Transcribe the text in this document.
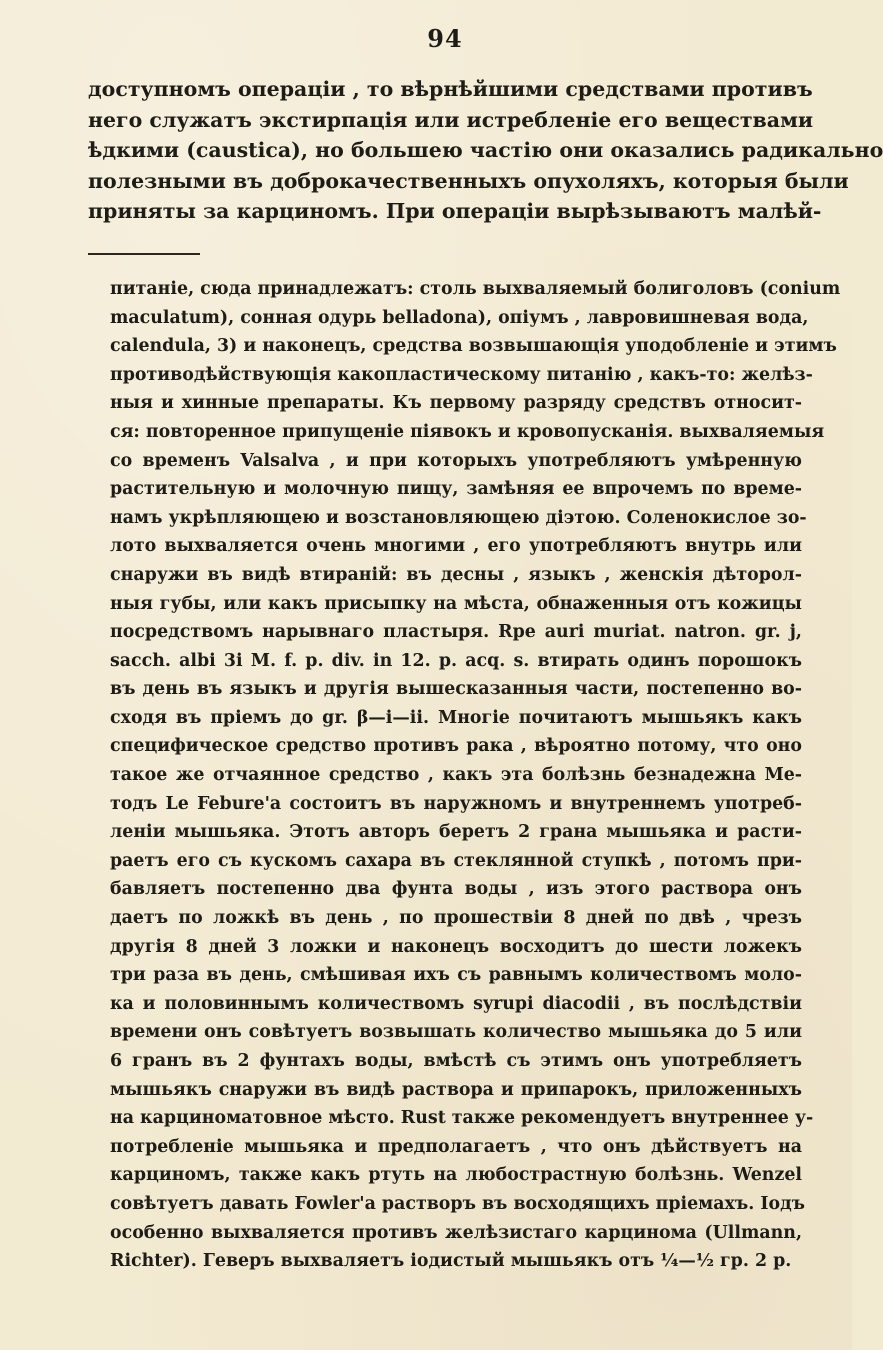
94
доступномъ операціи , то вѣрнѣйшими средствами противъ
него служатъ экстирпація или истребленіе его веществами
ѣдкими (caustica), но большею частію они оказались радикально
полезными въ доброкачественныхъ опухоляхъ, которыя были
приняты за карциномъ. При операціи вырѣзываютъ малѣй-
питаніе, сюда принадлежатъ: столь выхваляемый болиголовъ (conium
maculatum), сонная одурь belladona), опіумъ , лавровишневая вода,
calendula, 3) и наконецъ, средства возвышающія уподобленіе и этимъ
противодѣйствующія какопластическому питанію , какъ-то: желѣз-
ныя и хинные препараты. Къ первому разряду средствъ относит-
ся: повторенное припущеніе піявокъ и кровопусканія. выхваляемыя
со временъ Valsalva , и при которыхъ употребляютъ умѣренную
растительную и молочную пищу, замѣняя ее впрочемъ по време-
намъ укрѣпляющею и возстановляющею діэтою. Соленокислое зо-
лото выхваляется очень многими , его употребляютъ внутрь или
снаружи въ видѣ втираній: въ десны , языкъ , женскія дѣторол-
ныя губы, или какъ присыпку на мѣста, обнаженныя отъ кожицы
посредствомъ нарывнаго пластыря. Rpe auri muriat. natron. gr. j,
sacch. albi 3i M. f. p. div. in 12. p. acq. s. втирать одинъ порошокъ
въ день въ языкъ и другія вышесказанныя части, постепенно во-
сходя въ пріемъ до gr. β—i—ii. Многіе почитаютъ мышьякъ какъ
специфическое средство противъ рака , вѣроятно потому, что оно
такое же отчаянное средство , какъ эта болѣзнь безнадежна Ме-
тодъ Le Febure'a состоитъ въ наружномъ и внутреннемъ употреб-
леніи мышьяка. Этотъ авторъ беретъ 2 грана мышьяка и расти-
раетъ его съ кускомъ сахара въ стеклянной ступкѣ , потомъ при-
бавляетъ постепенно два фунта воды , изъ этого раствора онъ
даетъ по ложкѣ въ день , по прошествіи 8 дней по двѣ , чрезъ
другія 8 дней 3 ложки и наконецъ восходитъ до шести ложекъ
три раза въ день, смѣшивая ихъ съ равнымъ количествомъ моло-
ка и половиннымъ количествомъ syrupi diacodii , въ послѣдствіи
времени онъ совѣтуетъ возвышать количество мышьяка до 5 или
6 гранъ въ 2 фунтахъ воды, вмѣстѣ съ этимъ онъ употребляетъ
мышьякъ снаружи въ видѣ раствора и припарокъ, приложенныхъ
на карциноматовное мѣсто. Rust также рекомендуетъ внутреннее у-
потребленіе мышьяка и предполагаетъ , что онъ дѣйствуетъ на
карциномъ, также какъ ртуть на любострастную болѣзнь. Wenzel
совѣтуетъ давать Fowler'a растворъ въ восходящихъ пріемахъ. Іодъ
особенно выхваляется противъ желѣзистаго карцинома (Ullmann,
Richter). Геверъ выхваляетъ іодистый мышьякъ отъ ¼—½ гр. 2 р.
